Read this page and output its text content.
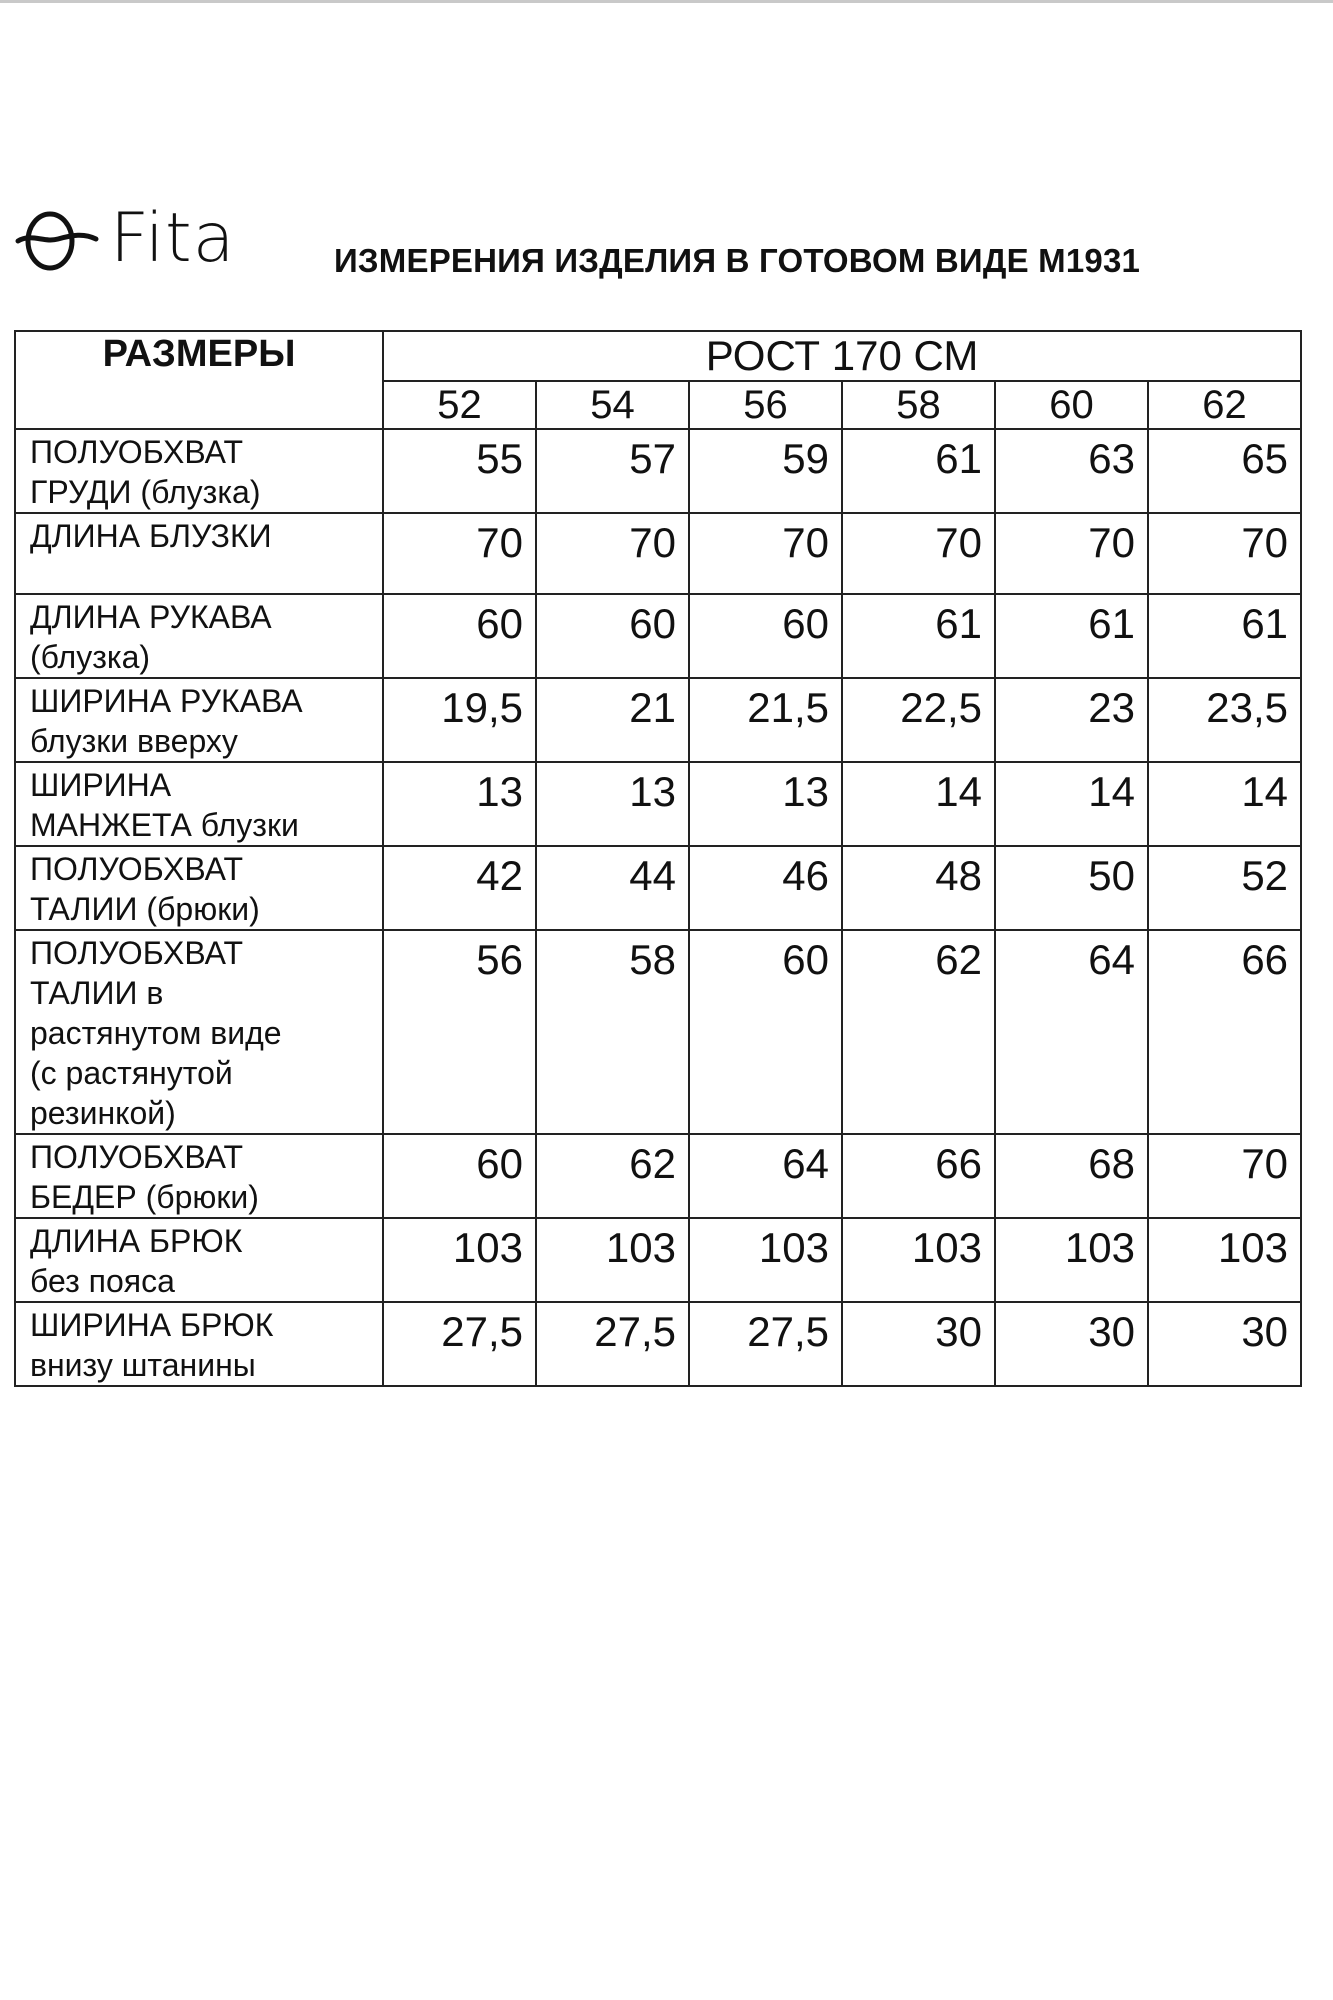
Fita	ИЗМЕРЕНИЯ ИЗДЕЛИЯ В ГОТОВОМ ВИДЕ М1931
РАЗМЕРЫ	РОСТ 170 СМ					
	52	54	56	58	60	62

ПОЛУОБХВАТ
ГРУДИ (блузка)	55	57	59	61	63	65

ДЛИНА БЛУЗКИ	70	70	70	70	70	70

ДЛИНА РУКАВА
(блузка)	60	60	60	61	61	61

ШИРИНА РУКАВА
блузки вверху	19,5	21	21,5	22,5	23	23,5

ШИРИНА
МАНЖЕТА блузки	13	13	13	14	14	14

ПОЛУОБХВАТ
ТАЛИИ (брюки)	42	44	46	48	50	52

ПОЛУОБХВАТ
ТАЛИИ в
растянутом виде
(с растянутой
резинкой)	56	58	60	62	64	66

ПОЛУОБХВАТ
БЕДЕР (брюки)	60	62	64	66	68	70

ДЛИНА БРЮК
без пояса	103	103	103	103	103	103

ШИРИНА БРЮК
внизу штанины	27,5	27,5	27,5	30	30	30
